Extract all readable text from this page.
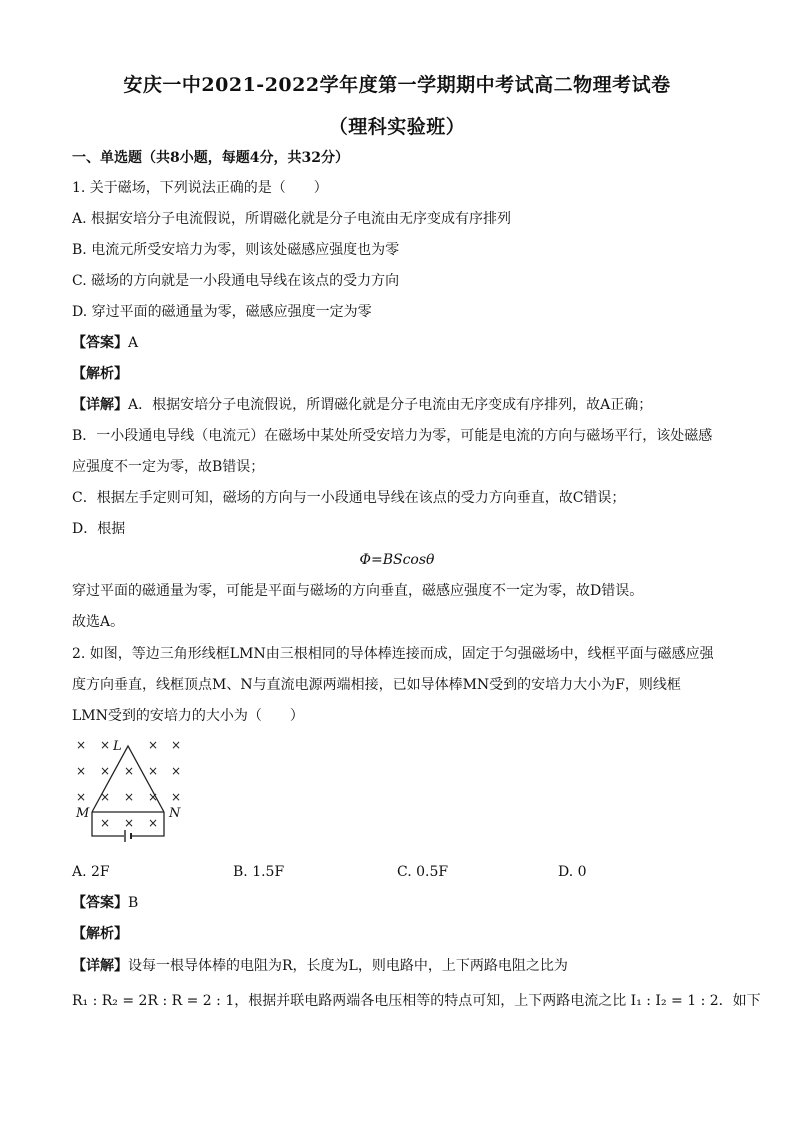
安庆一中2021-2022学年度第一学期期中考试高二物理考试卷
（理科实验班）
一、单选题（共8小题，每题4分，共32分）
1. 关于磁场，下列说法正确的是（　　）
A. 根据安培分子电流假说，所谓磁化就是分子电流由无序变成有序排列
B. 电流元所受安培力为零，则该处磁感应强度也为零
C. 磁场的方向就是一小段通电导线在该点的受力方向
D. 穿过平面的磁通量为零，磁感应强度一定为零
【答案】A
【解析】
【详解】A．根据安培分子电流假说，所谓磁化就是分子电流由无序变成有序排列，故A正确；
B．一小段通电导线（电流元）在磁场中某处所受安培力为零，可能是电流的方向与磁场平行，该处磁感
应强度不一定为零，故B错误；
C．根据左手定则可知，磁场的方向与一小段通电导线在该点的受力方向垂直，故C错误；
D．根据
Φ=BScosθ
穿过平面的磁通量为零，可能是平面与磁场的方向垂直，磁感应强度不一定为零，故D错误。
故选A。
2. 如图，等边三角形线框LMN由三根相同的导体棒连接而成，固定于匀强磁场中，线框平面与磁感应强
度方向垂直，线框顶点M、N与直流电源两端相接，已如导体棒MN受到的安培力大小为F，则线框
LMN受到的安培力的大小为（　　）
× ×	× ×
× × × × ×
× × × × ×
× × ×
L
M	N
A. 2F	B. 1.5F	C. 0.5F	D. 0
【答案】B
【解析】
【详解】设每一根导体棒的电阻为R，长度为L，则电路中，上下两路电阻之比为
R₁ : R₂ = 2R : R = 2 : 1，根据并联电路两端各电压相等的特点可知，上下两路电流之比 I₁ : I₂ = 1 : 2．如下
